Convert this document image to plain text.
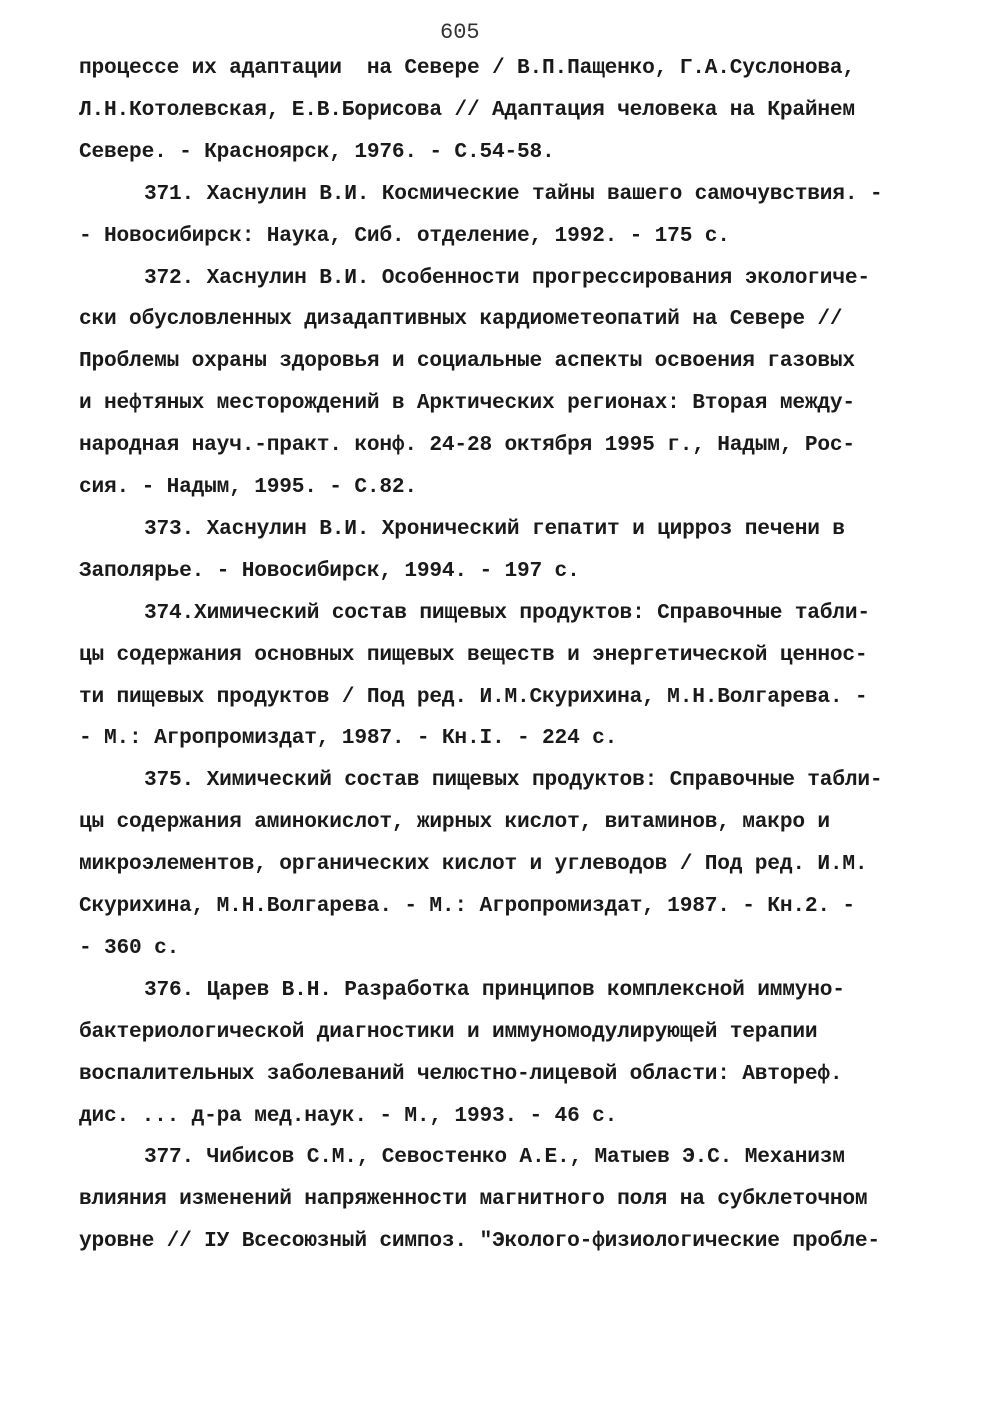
605
процессе их адаптации  на Севере / В.П.Пащенко, Г.А.Суслонова,
Л.Н.Котолевская, Е.В.Борисова // Адаптация человека на Крайнем
Севере. - Красноярск, 1976. - С.54-58.
371. Хаснулин В.И. Космические тайны вашего самочувствия. -
- Новосибирск: Наука, Сиб. отделение, 1992. - 175 с.
372. Хаснулин В.И. Особенности прогрессирования экологиче-
ски обусловленных дизадаптивных кардиометеопатий на Севере //
Проблемы охраны здоровья и социальные аспекты освоения газовых
и нефтяных месторождений в Арктических регионах: Вторая между-
народная науч.-практ. конф. 24-28 октября 1995 г., Надым, Рос-
сия. - Надым, 1995. - С.82.
373. Хаснулин В.И. Хронический гепатит и цирроз печени в
Заполярье. - Новосибирск, 1994. - 197 с.
374.Химический состав пищевых продуктов: Справочные табли-
цы содержания основных пищевых веществ и энергетической ценнос-
ти пищевых продуктов / Под ред. И.М.Скурихина, М.Н.Волгарева. -
- М.: Агропромиздат, 1987. - Кн.I. - 224 с.
375. Химический состав пищевых продуктов: Справочные табли-
цы содержания аминокислот, жирных кислот, витаминов, макро и
микроэлементов, органических кислот и углеводов / Под ред. И.М.
Скурихина, М.Н.Волгарева. - М.: Агропромиздат, 1987. - Кн.2. -
- 360 с.
376. Царев В.Н. Разработка принципов комплексной иммуно-
бактериологической диагностики и иммуномодулирующей терапии
воспалительных заболеваний челюстно-лицевой области: Автореф.
дис. ... д-ра мед.наук. - М., 1993. - 46 с.
377. Чибисов С.М., Севостенко А.Е., Матыев Э.С. Механизм
влияния изменений напряженности магнитного поля на субклеточном
уровне // IУ Всесоюзный симпоз. "Эколого-физиологические пробле-
